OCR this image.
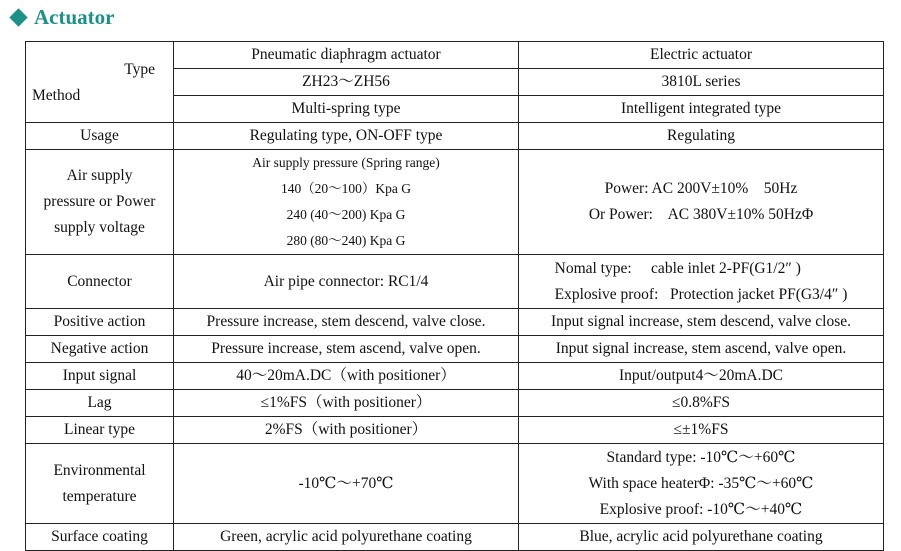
Actuator
Type
Method	Pneumatic diaphragm actuator	Electric actuator
	ZH23～ZH56	3810L series
	Multi-spring type	Intelligent integrated type
Usage	Regulating type, ON-OFF type	Regulating

Air supply
pressure or Power
supply voltage	Air supply pressure (Spring range)
140（20～100）Kpa G
240 (40～200) Kpa G
280 (80～240) Kpa G	Power: AC 200V±10%    50Hz
Or Power:    AC 380V±10% 50HzΦ

Connector	Air pipe connector: RC1/4	Nomal type:     cable inlet 2-PF(G1/2″ )
Explosive proof:   Protection jacket PF(G3/4″ )

Positive action	Pressure increase, stem descend, valve close.	Input signal increase, stem descend, valve close.
Negative action	Pressure increase, stem ascend, valve open.	Input signal increase, stem ascend, valve open.
Input signal	40～20mA.DC（with positioner）	Input/output4～20mA.DC
Lag	≤1%FS（with positioner）	≤0.8%FS
Linear type	2%FS（with positioner）	≤±1%FS

Environmental
temperature	-10℃～+70℃	Standard type: -10℃～+60℃
With space heaterΦ: -35℃～+60℃
Explosive proof: -10℃～+40℃

Surface coating	Green, acrylic acid polyurethane coating	Blue, acrylic acid polyurethane coating
